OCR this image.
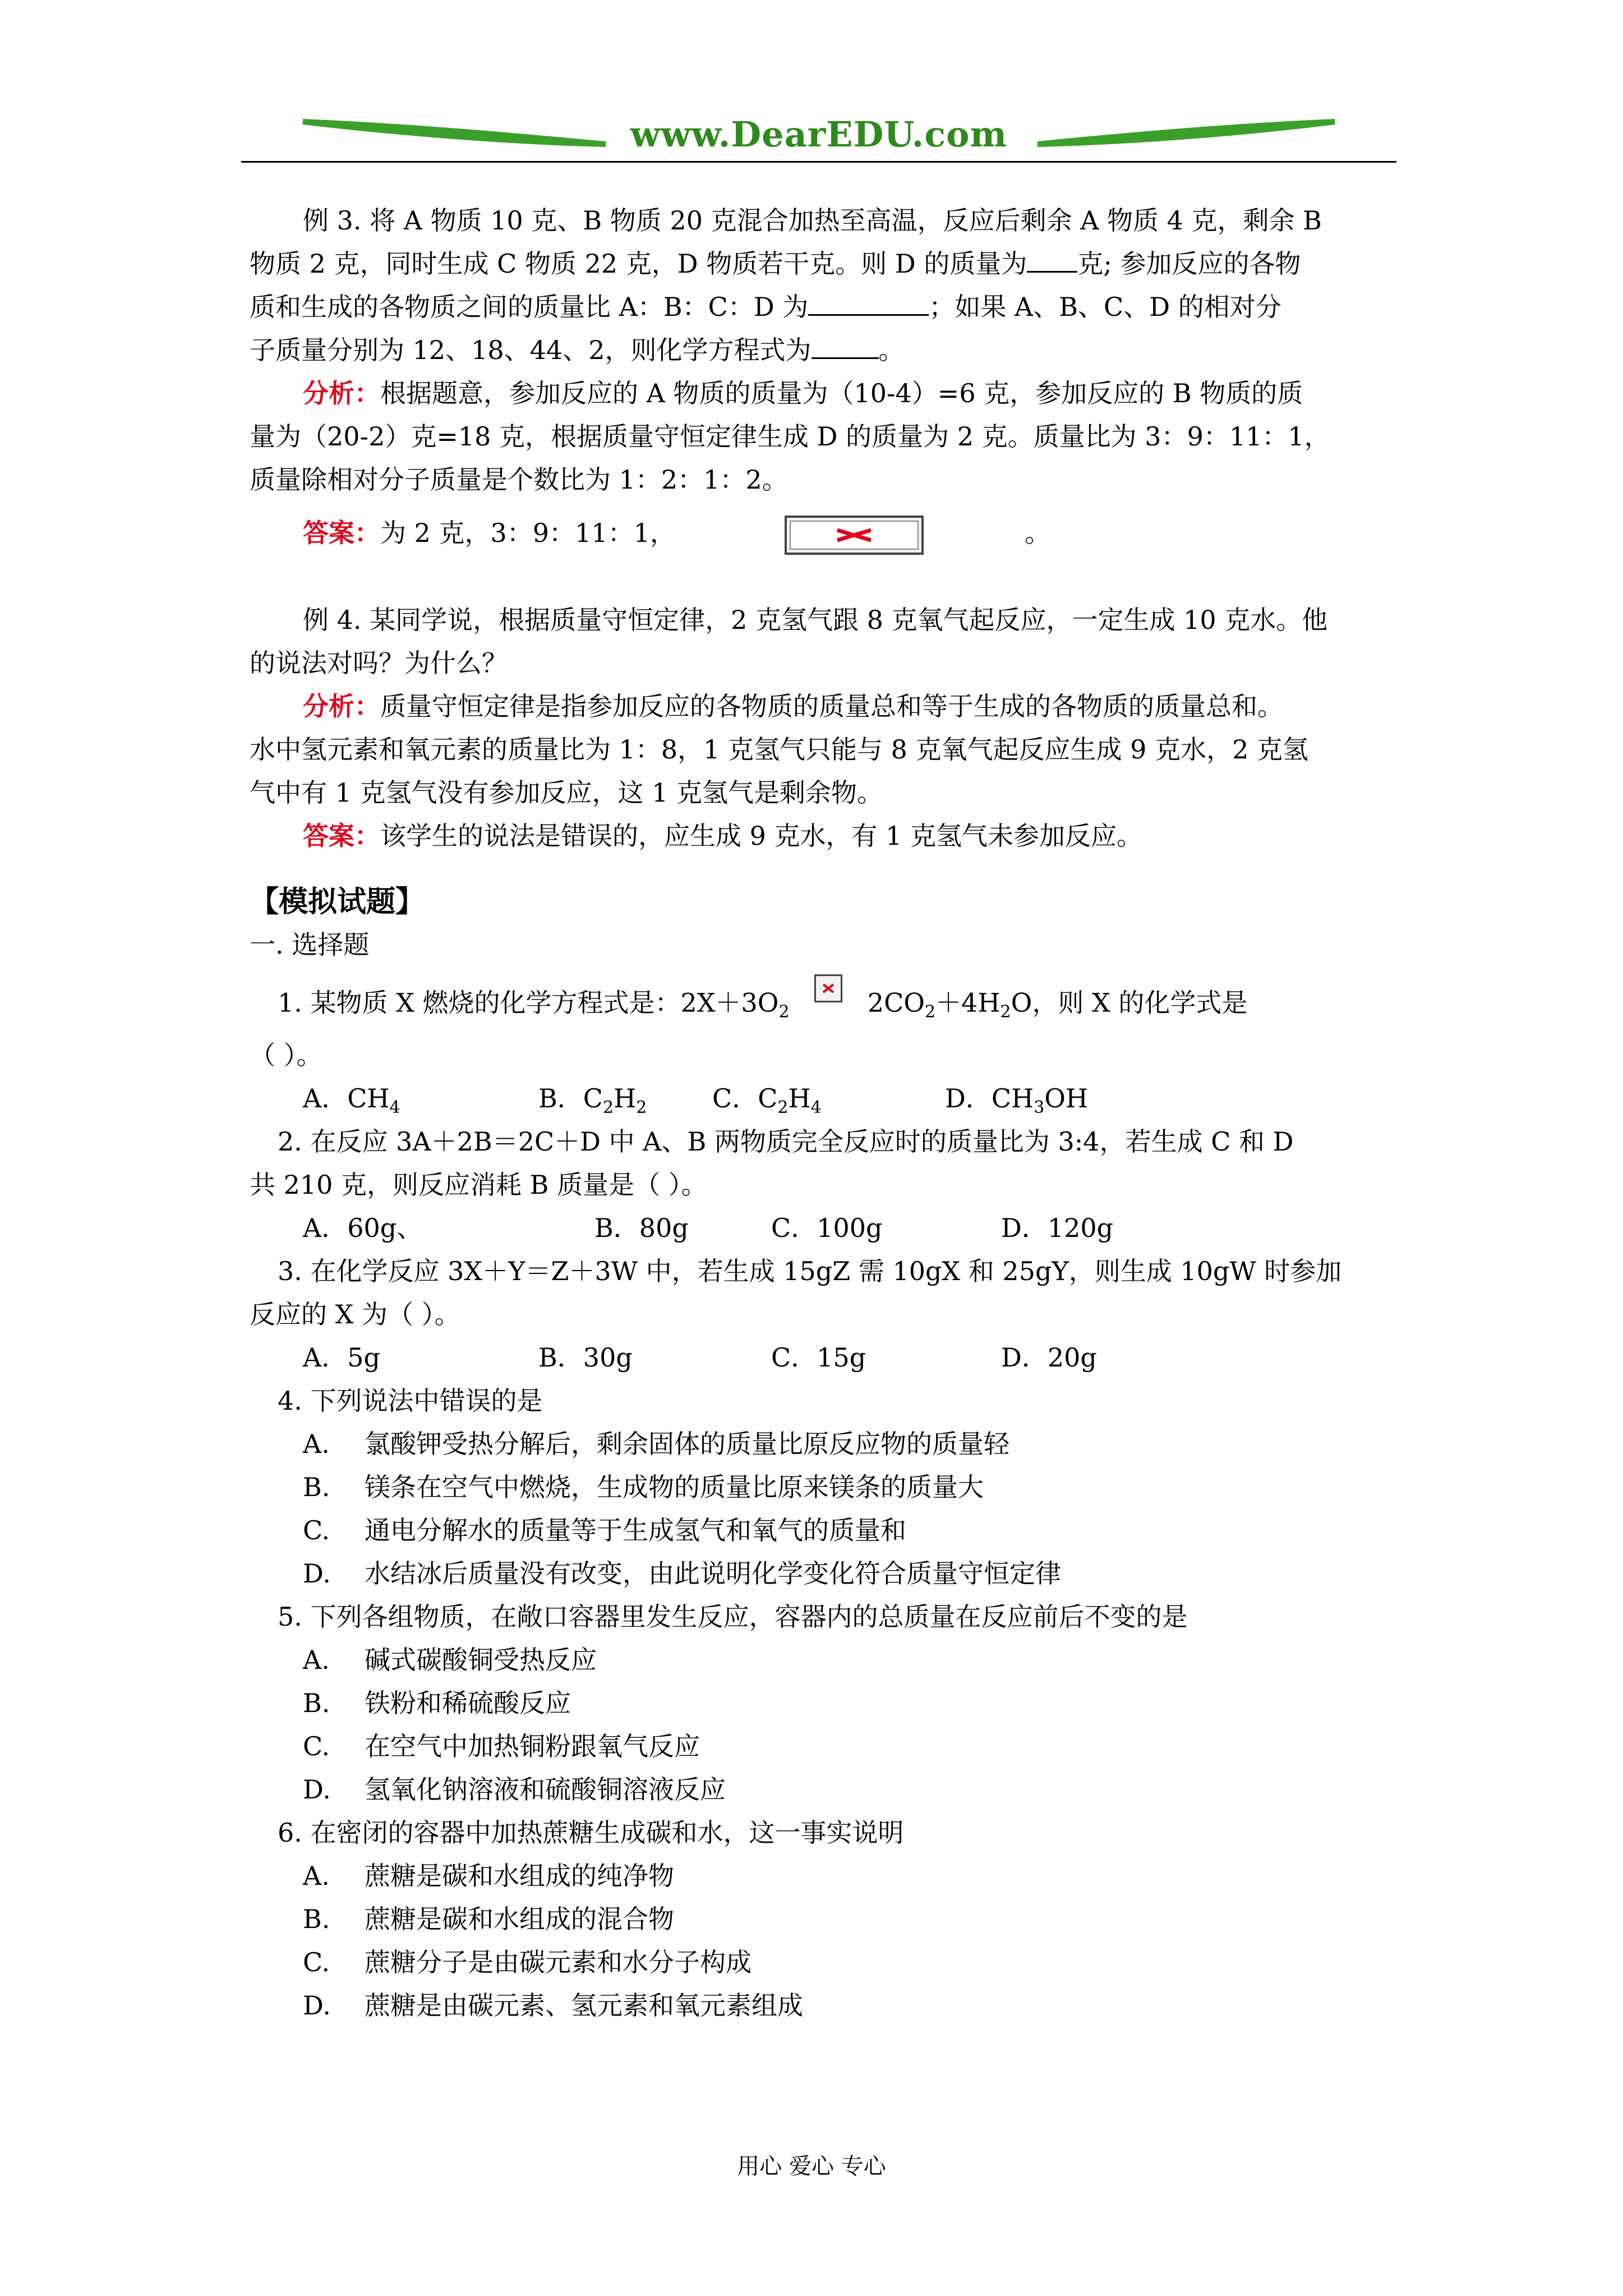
www.DearEDU.com
例 3. 将 A 物质 10 克、B 物质 20 克混合加热至高温，反应后剩余 A 物质 4 克，剩余 B
物质 2 克，同时生成 C 物质 22 克，D 物质若干克。则 D 的质量为 克; 参加反应的各物
质和生成的各物质之间的质量比 A：B：C：D 为	；如果 A、B、C、D 的相对分
子质量分别为 12、18、44、2，则化学方程式为	。
分析：根据题意，参加反应的 A 物质的质量为（10-4）=6 克，参加反应的 B 物质的质
量为（20-2）克=18 克，根据质量守恒定律生成 D 的质量为 2 克。质量比为 3：9：11：1，
质量除相对分子质量是个数比为 1：2：1：2。
答案：为 2 克，3：9：11：1，	。
例 4. 某同学说，根据质量守恒定律，2 克氢气跟 8 克氧气起反应，一定生成 10 克水。他
的说法对吗？为什么？
分析：质量守恒定律是指参加反应的各物质的质量总和等于生成的各物质的质量总和。
水中氢元素和氧元素的质量比为 1：8，1 克氢气只能与 8 克氧气起反应生成 9 克水，2 克氢
气中有 1 克氢气没有参加反应，这 1 克氢气是剩余物。
答案：该学生的说法是错误的，应生成 9 克水，有 1 克氢气未参加反应。
【模拟试题】
一. 选择题
1. 某物质 X 燃烧的化学方程式是：$2X+3O_2$	$2CO_2+4H_2O$，则 X 的化学式是
（ ）。
A．$CH_4$	B．$C_2H_2$	C．$C_2H_4$	D．$CH_3OH$
2. 在反应 3A＋2B＝2C＋D 中 A、B 两物质完全反应时的质量比为 3:4，若生成 C 和 D
共 210 克，则反应消耗 B 质量是（ ）。
A．60g、	B．80g	C．100g	D．120g
3. 在化学反应 3X＋Y＝Z＋3W 中，若生成 15gZ 需 10gX 和 25gY，则生成 10gW 时参加
反应的 X 为（ ）。
A．5g	B．30g	C．15g	D．20g
4. 下列说法中错误的是
A. 氯酸钾受热分解后，剩余固体的质量比原反应物的质量轻
B. 镁条在空气中燃烧，生成物的质量比原来镁条的质量大
C. 通电分解水的质量等于生成氢气和氧气的质量和
D. 水结冰后质量没有改变，由此说明化学变化符合质量守恒定律
5. 下列各组物质，在敞口容器里发生反应，容器内的总质量在反应前后不变的是
A. 碱式碳酸铜受热反应
B. 铁粉和稀硫酸反应
C. 在空气中加热铜粉跟氧气反应
D. 氢氧化钠溶液和硫酸铜溶液反应
6. 在密闭的容器中加热蔗糖生成碳和水，这一事实说明
A. 蔗糖是碳和水组成的纯净物
B. 蔗糖是碳和水组成的混合物
C. 蔗糖分子是由碳元素和水分子构成
D. 蔗糖是由碳元素、氢元素和氧元素组成
用心 爱心 专心
